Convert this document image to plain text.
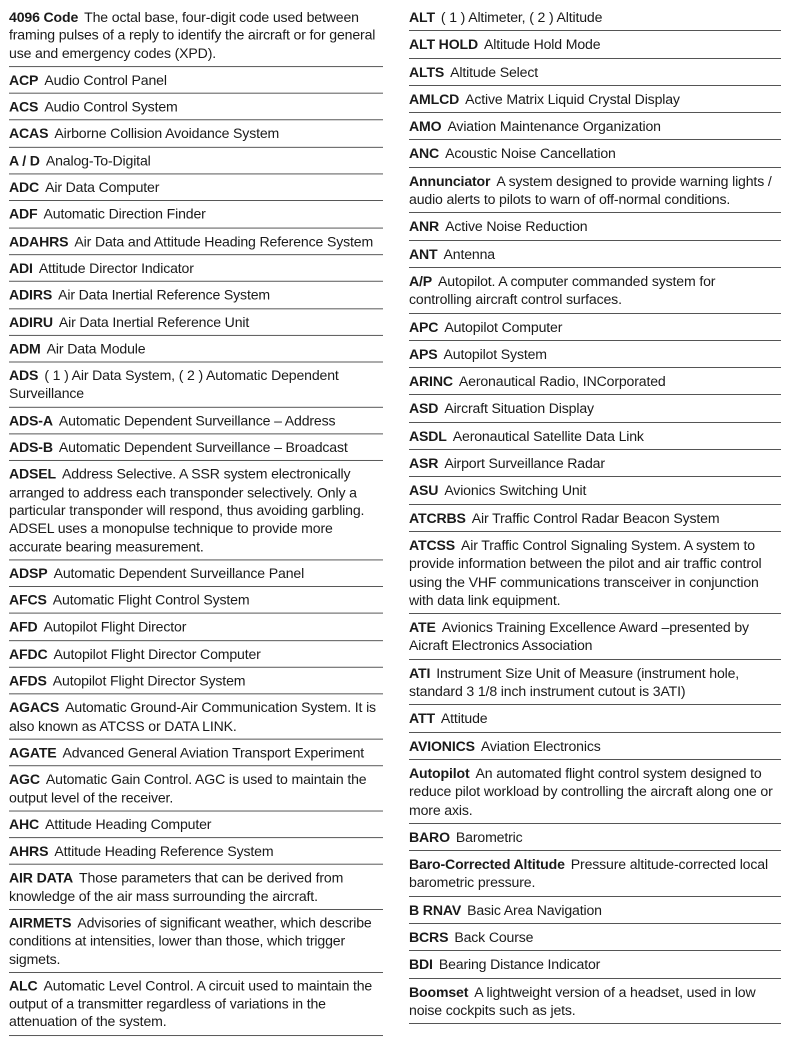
4096 Code The octal base, four-digit code used between framing pulses of a reply to identify the aircraft or for general use and emergency codes (XPD).
ACP Audio Control Panel
ACS Audio Control System
ACAS Airborne Collision Avoidance System
A / D Analog-To-Digital
ADC Air Data Computer
ADF Automatic Direction Finder
ADAHRS Air Data and Attitude Heading Reference System
ADI Attitude Director Indicator
ADIRS Air Data Inertial Reference System
ADIRU Air Data Inertial Reference Unit
ADM Air Data Module
ADS ( 1 ) Air Data System, ( 2 ) Automatic Dependent Surveillance
ADS-A Automatic Dependent Surveillance – Address
ADS-B Automatic Dependent Surveillance – Broadcast
ADSEL Address Selective. A SSR system electronically arranged to address each transponder selectively. Only a particular transponder will respond, thus avoiding garbling. ADSEL uses a monopulse technique to provide more accurate bearing measurement.
ADSP Automatic Dependent Surveillance Panel
AFCS Automatic Flight Control System
AFD Autopilot Flight Director
AFDC Autopilot Flight Director Computer
AFDS Autopilot Flight Director System
AGACS Automatic Ground-Air Communication System. It is also known as ATCSS or DATA LINK.
AGATE Advanced General Aviation Transport Experiment
AGC Automatic Gain Control. AGC is used to maintain the output level of the receiver.
AHC Attitude Heading Computer
AHRS Attitude Heading Reference System
AIR DATA Those parameters that can be derived from knowledge of the air mass surrounding the aircraft.
AIRMETS Advisories of significant weather, which describe conditions at intensities, lower than those, which trigger sigmets.
ALC Automatic Level Control. A circuit used to maintain the output of a transmitter regardless of variations in the attenuation of the system.
ALT ( 1 ) Altimeter, ( 2 ) Altitude
ALT HOLD Altitude Hold Mode
ALTS Altitude Select
AMLCD Active Matrix Liquid Crystal Display
AMO Aviation Maintenance Organization
ANC Acoustic Noise Cancellation
Annunciator A system designed to provide warning lights / audio alerts to pilots to warn of off-normal conditions.
ANR Active Noise Reduction
ANT Antenna
A/P Autopilot. A computer commanded system for controlling aircraft control surfaces.
APC Autopilot Computer
APS Autopilot System
ARINC Aeronautical Radio, INCorporated
ASD Aircraft Situation Display
ASDL Aeronautical Satellite Data Link
ASR Airport Surveillance Radar
ASU Avionics Switching Unit
ATCRBS Air Traffic Control Radar Beacon System
ATCSS Air Traffic Control Signaling System. A system to provide information between the pilot and air traffic control using the VHF communications transceiver in conjunction with data link equipment.
ATE Avionics Training Excellence Award –presented by Aicraft Electronics Association
ATI Instrument Size Unit of Measure (instrument hole, standard 3 1/8 inch instrument cutout is 3ATI)
ATT Attitude
AVIONICS Aviation Electronics
Autopilot An automated flight control system designed to reduce pilot workload by controlling the aircraft along one or more axis.
BARO Barometric
Baro-Corrected Altitude Pressure altitude-corrected local barometric pressure.
B RNAV Basic Area Navigation
BCRS Back Course
BDI Bearing Distance Indicator
Boomset A lightweight version of a headset, used in low noise cockpits such as jets.
